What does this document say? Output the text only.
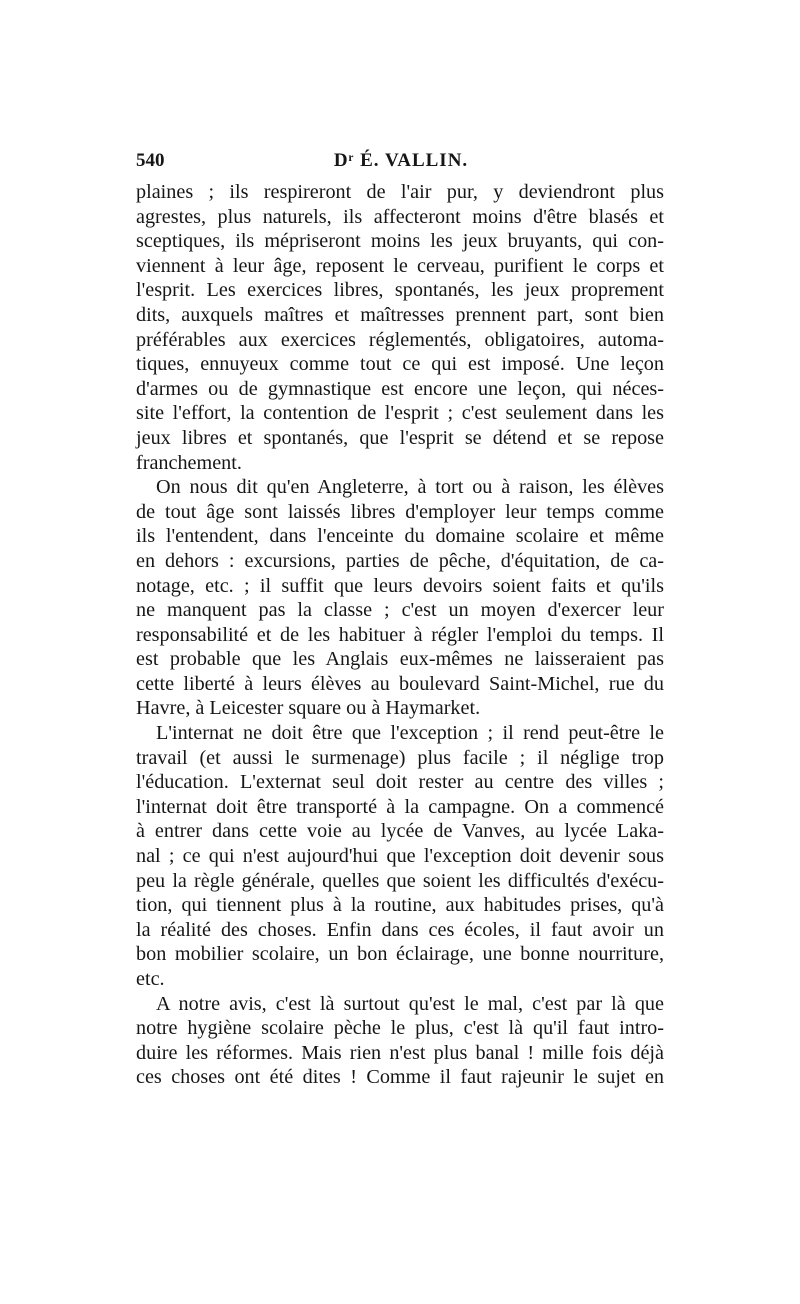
540	Dʳ É. VALLIN.
plaines ; ils respireront de l'air pur, y deviendront plus
agrestes, plus naturels, ils affecteront moins d'être blasés et
sceptiques, ils mépriseront moins les jeux bruyants, qui con-
viennent à leur âge, reposent le cerveau, purifient le corps et
l'esprit. Les exercices libres, spontanés, les jeux proprement
dits, auxquels maîtres et maîtresses prennent part, sont bien
préférables aux exercices réglementés, obligatoires, automa-
tiques, ennuyeux comme tout ce qui est imposé. Une leçon
d'armes ou de gymnastique est encore une leçon, qui néces-
site l'effort, la contention de l'esprit ; c'est seulement dans les
jeux libres et spontanés, que l'esprit se détend et se repose
franchement.
On nous dit qu'en Angleterre, à tort ou à raison, les élèves
de tout âge sont laissés libres d'employer leur temps comme
ils l'entendent, dans l'enceinte du domaine scolaire et même
en dehors : excursions, parties de pêche, d'équitation, de ca-
notage, etc. ; il suffit que leurs devoirs soient faits et qu'ils
ne manquent pas la classe ; c'est un moyen d'exercer leur
responsabilité et de les habituer à régler l'emploi du temps. Il
est probable que les Anglais eux-mêmes ne laisseraient pas
cette liberté à leurs élèves au boulevard Saint-Michel, rue du
Havre, à Leicester square ou à Haymarket.
L'internat ne doit être que l'exception ; il rend peut-être le
travail (et aussi le surmenage) plus facile ; il néglige trop
l'éducation. L'externat seul doit rester au centre des villes ;
l'internat doit être transporté à la campagne. On a commencé
à entrer dans cette voie au lycée de Vanves, au lycée Laka-
nal ; ce qui n'est aujourd'hui que l'exception doit devenir sous
peu la règle générale, quelles que soient les difficultés d'exécu-
tion, qui tiennent plus à la routine, aux habitudes prises, qu'à
la réalité des choses. Enfin dans ces écoles, il faut avoir un
bon mobilier scolaire, un bon éclairage, une bonne nourriture,
etc.
A notre avis, c'est là surtout qu'est le mal, c'est par là que
notre hygiène scolaire pèche le plus, c'est là qu'il faut intro-
duire les réformes. Mais rien n'est plus banal ! mille fois déjà
ces choses ont été dites ! Comme il faut rajeunir le sujet en
